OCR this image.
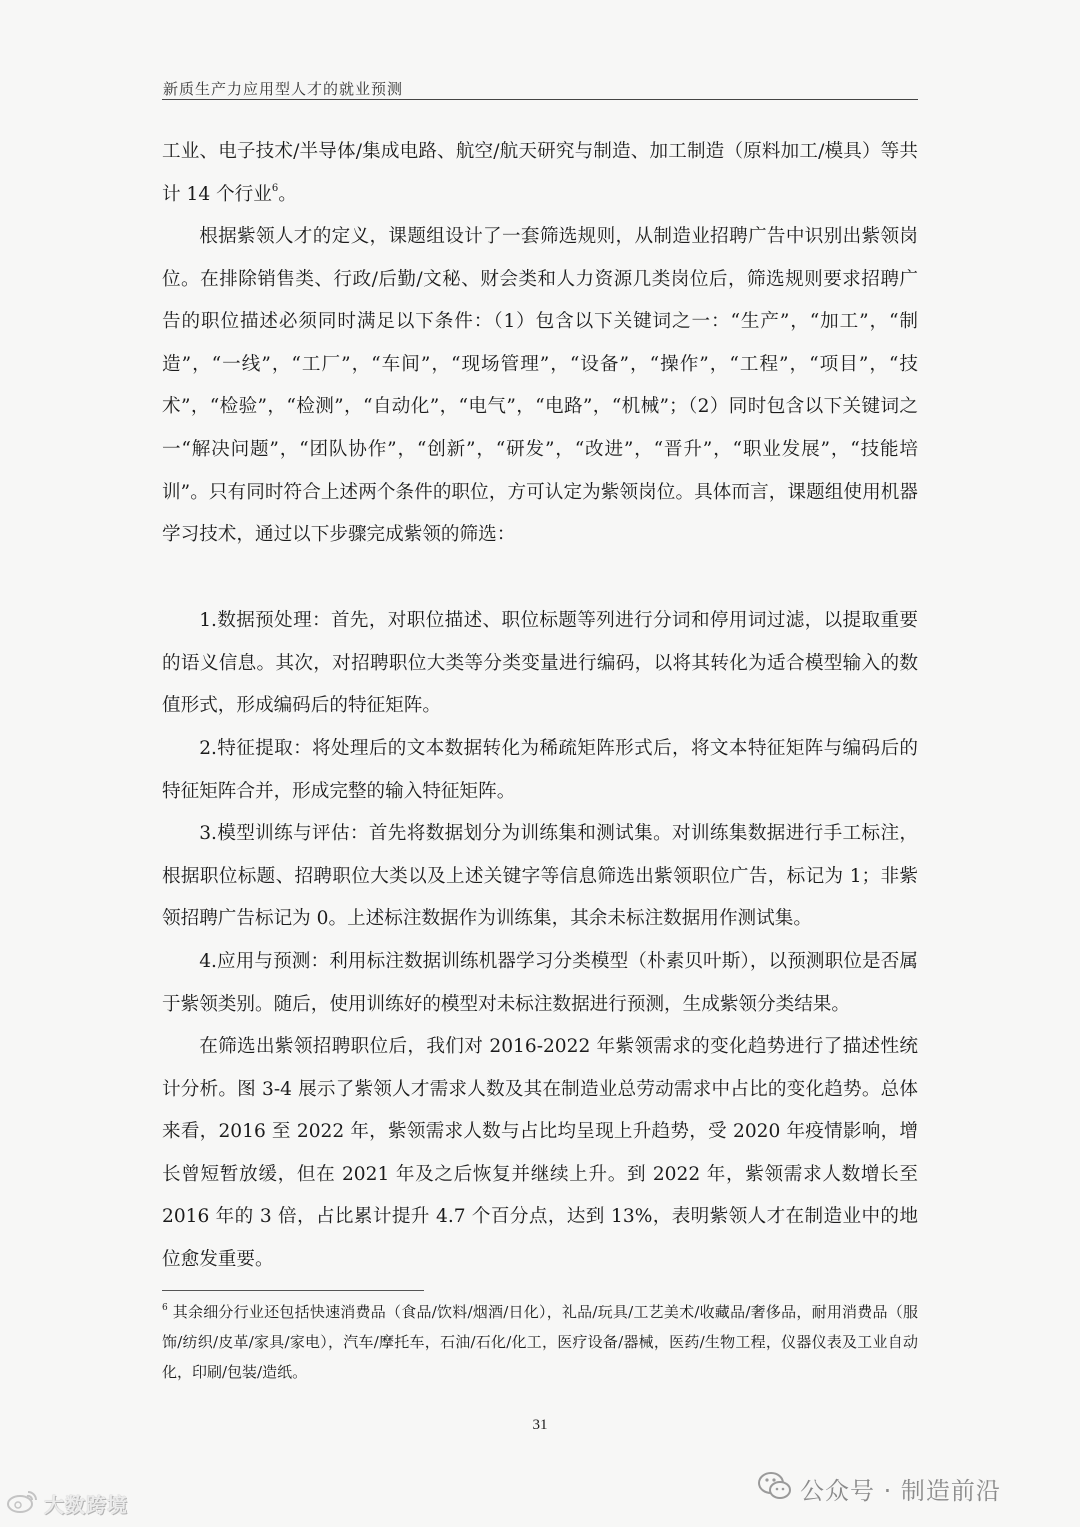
新质生产力应用型人才的就业预测

工业、电子技术/半导体/集成电路、航空/航天研究与制造、加工制造（原料加工/模具）等共计 14 个行业$^6$。

根据紫领人才的定义，课题组设计了一套筛选规则，从制造业招聘广告中识别出紫领岗位。在排除销售类、行政/后勤/文秘、财会类和人力资源几类岗位后，筛选规则要求招聘广告的职位描述必须同时满足以下条件：（1）包含以下关键词之一：“生产”，“加工”，“制造”，“一线”，“工厂”，“车间”，“现场管理”，“设备”，“操作”，“工程”，“项目”，“技术”，“检验”，“检测”，“自动化”，“电气”，“电路”，“机械”；（2）同时包含以下关键词之一“解决问题”，“团队协作”，“创新”，“研发”，“改进”，“晋升”，“职业发展”，“技能培训”。只有同时符合上述两个条件的职位，方可认定为紫领岗位。具体而言，课题组使用机器学习技术，通过以下步骤完成紫领的筛选：

1.数据预处理：首先，对职位描述、职位标题等列进行分词和停用词过滤，以提取重要的语义信息。其次，对招聘职位大类等分类变量进行编码，以将其转化为适合模型输入的数值形式，形成编码后的特征矩阵。

2.特征提取：将处理后的文本数据转化为稀疏矩阵形式后，将文本特征矩阵与编码后的特征矩阵合并，形成完整的输入特征矩阵。

3.模型训练与评估：首先将数据划分为训练集和测试集。对训练集数据进行手工标注，根据职位标题、招聘职位大类以及上述关键字等信息筛选出紫领职位广告，标记为 1；非紫领招聘广告标记为 0。上述标注数据作为训练集，其余未标注数据用作测试集。

4.应用与预测：利用标注数据训练机器学习分类模型（朴素贝叶斯），以预测职位是否属于紫领类别。随后，使用训练好的模型对未标注数据进行预测，生成紫领分类结果。

在筛选出紫领招聘职位后，我们对 2016-2022 年紫领需求的变化趋势进行了描述性统计分析。图 3-4 展示了紫领人才需求人数及其在制造业总劳动需求中占比的变化趋势。总体来看，2016 至 2022 年，紫领需求人数与占比均呈现上升趋势，受 2020 年疫情影响，增长曾短暂放缓，但在 2021 年及之后恢复并继续上升。到 2022 年，紫领需求人数增长至 2016 年的 3 倍，占比累计提升 4.7 个百分点，达到 13%，表明紫领人才在制造业中的地位愈发重要。

$^6$ 其余细分行业还包括快速消费品（食品/饮料/烟酒/日化），礼品/玩具/工艺美术/收藏品/奢侈品，耐用消费品（服饰/纺织/皮革/家具/家电），汽车/摩托车，石油/石化/化工，医疗设备/器械，医药/生物工程，仪器仪表及工业自动化，印刷/包装/造纸。

31
公众号 · 制造前沿
大数跨境
